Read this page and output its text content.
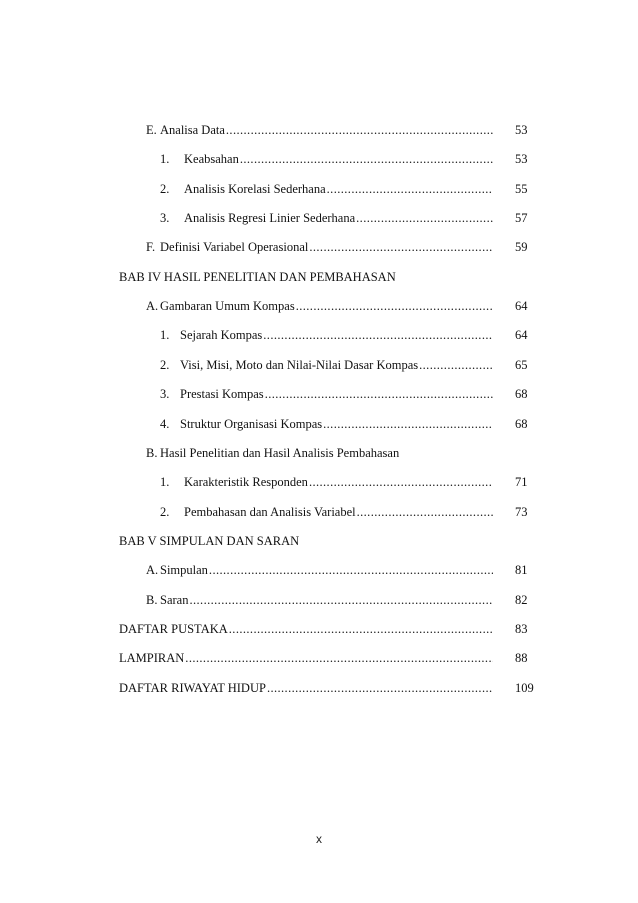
E. Analisa Data .....	53
1. Keabsahan .....	53
2. Analisis Korelasi Sederhana .....	55
3. Analisis Regresi Linier Sederhana .....	57
F. Definisi Variabel Operasional .....	59
BAB IV HASIL PENELITIAN DAN PEMBAHASAN
A. Gambaran Umum Kompas .....	64
1. Sejarah Kompas .....	64
2. Visi, Misi, Moto dan Nilai-Nilai Dasar Kompas .....	65
3. Prestasi Kompas .....	68
4. Struktur Organisasi Kompas .....	68
B. Hasil Penelitian dan Hasil Analisis Pembahasan
1. Karakteristik Responden .....	71
2. Pembahasan dan Analisis Variabel .....	73
BAB V SIMPULAN DAN SARAN
A. Simpulan .....	81
B. Saran .....	82
DAFTAR PUSTAKA .....	83
LAMPIRAN .....	88
DAFTAR RIWAYAT HIDUP .....	109
x
